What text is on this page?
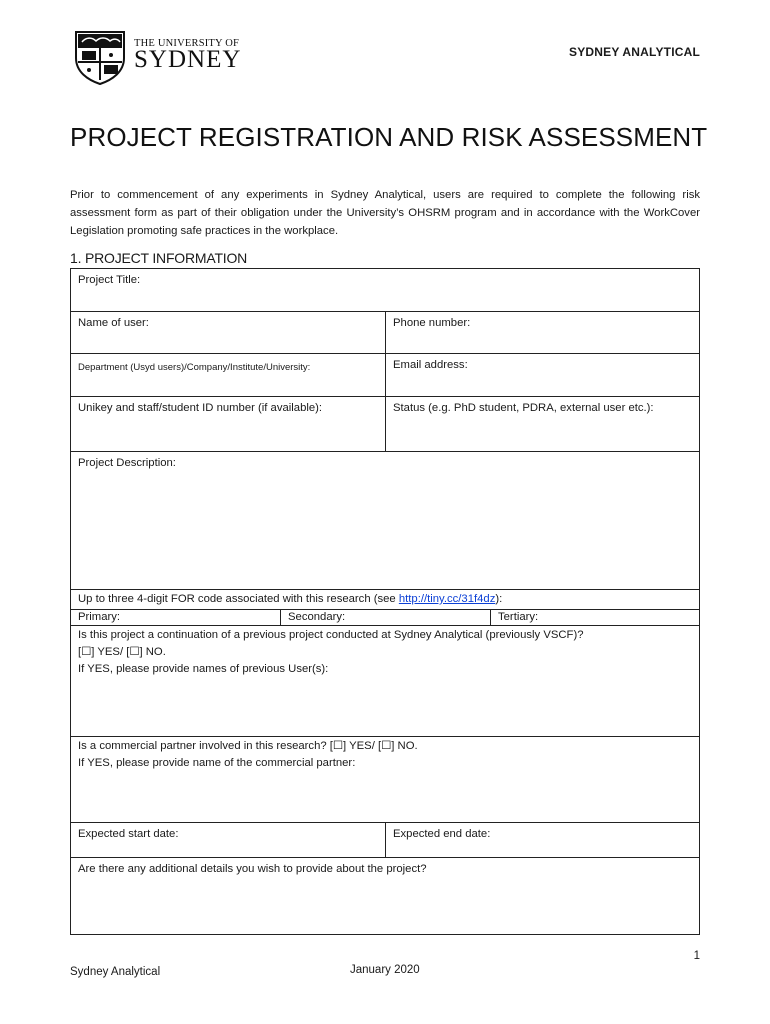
THE UNIVERSITY OF
SYDNEY	SYDNEY ANALYTICAL
PROJECT REGISTRATION AND RISK ASSESSMENT

Prior to commencement of any experiments in Sydney Analytical, users are required to complete the following risk assessment form as part of their obligation under the University’s OHSRM program and in accordance with the WorkCover Legislation promoting safe practices in the workplace.

1. PROJECT INFORMATION
Project Title:
Name of user:	Phone number:
Department (Usyd users)/Company/Institute/University:	Email address:
Unikey and staff/student ID number (if available):	Status (e.g. PhD student, PDRA, external user etc.):
Project Description:
Up to three 4-digit FOR code associated with this research (see http://tiny.cc/31f4dz):
Primary:	Secondary:	Tertiary:
Is this project a continuation of a previous project conducted at Sydney Analytical (previously VSCF)?
[☐] YES/ [☐] NO.
If YES, please provide names of previous User(s):
Is a commercial partner involved in this research? [☐] YES/ [☐] NO.
If YES, please provide name of the commercial partner:
Expected start date:	Expected end date:
Are there any additional details you wish to provide about the project?
1
Sydney Analytical	January 2020
